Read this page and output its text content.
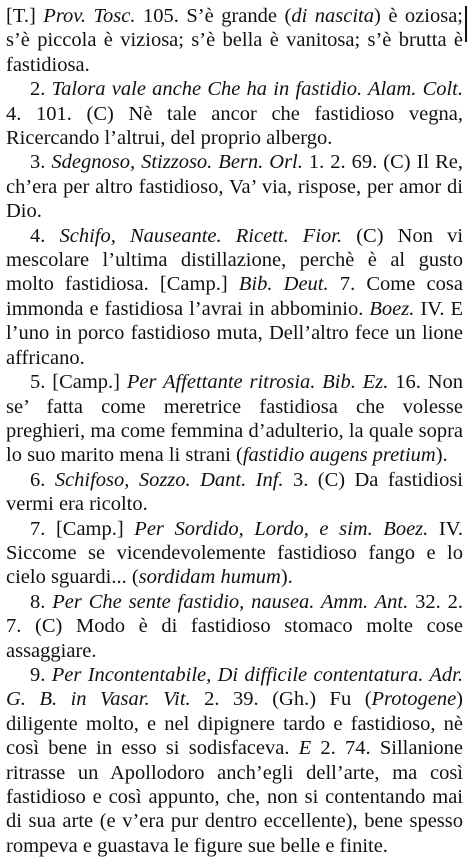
[T.] Prov. Tosc. 105. S’è grande (di nascita) è oziosa; s’è piccola è viziosa; s’è bella è vanitosa; s’è brutta è fastidiosa.

2. Talora vale anche Che ha in fastidio. Alam. Colt. 4. 101. (C) Nè tale ancor che fastidioso vegna, Ricercando l’altrui, del proprio albergo.

3. Sdegnoso, Stizzoso. Bern. Orl. 1. 2. 69. (C) Il Re, ch’era per altro fastidioso, Va’ via, rispose, per amor di Dio.

4. Schifo, Nauseante. Ricett. Fior. (C) Non vi mescolare l’ultima distillazione, perchè è al gusto molto fastidiosa. [Camp.] Bib. Deut. 7. Come cosa immonda e fastidiosa l’avrai in abbominio. Boez. IV. E l’uno in porco fastidioso muta, Dell’altro fece un lione affricano.

5. [Camp.] Per Affettante ritrosia. Bib. Ez. 16. Non se’ fatta come meretrice fastidiosa che volesse preghieri, ma come femmina d’adulterio, la quale sopra lo suo marito mena li strani (fastidio augens pretium).

6. Schifoso, Sozzo. Dant. Inf. 3. (C) Da fastidiosi vermi era ricolto.

7. [Camp.] Per Sordido, Lordo, e sim. Boez. IV. Siccome se vicendevolemente fastidioso fango e lo cielo sguardi... (sordidam humum).

8. Per Che sente fastidio, nausea. Amm. Ant. 32. 2. 7. (C) Modo è di fastidioso stomaco molte cose assaggiare.

9. Per Incontentabile, Di difficile contentatura. Adr. G. B. in Vasar. Vit. 2. 39. (Gh.) Fu (Protogene) diligente molto, e nel dipignere tardo e fastidioso, nè così bene in esso si sodisfaceva. E 2. 74. Sillanione ritrasse un Apollodoro anch’egli dell’arte, ma così fastidioso e così appunto, che, non si contentando mai di sua arte (e v’era pur dentro eccellente), bene spesso rompeva e guastava le figure sue belle e finite.
